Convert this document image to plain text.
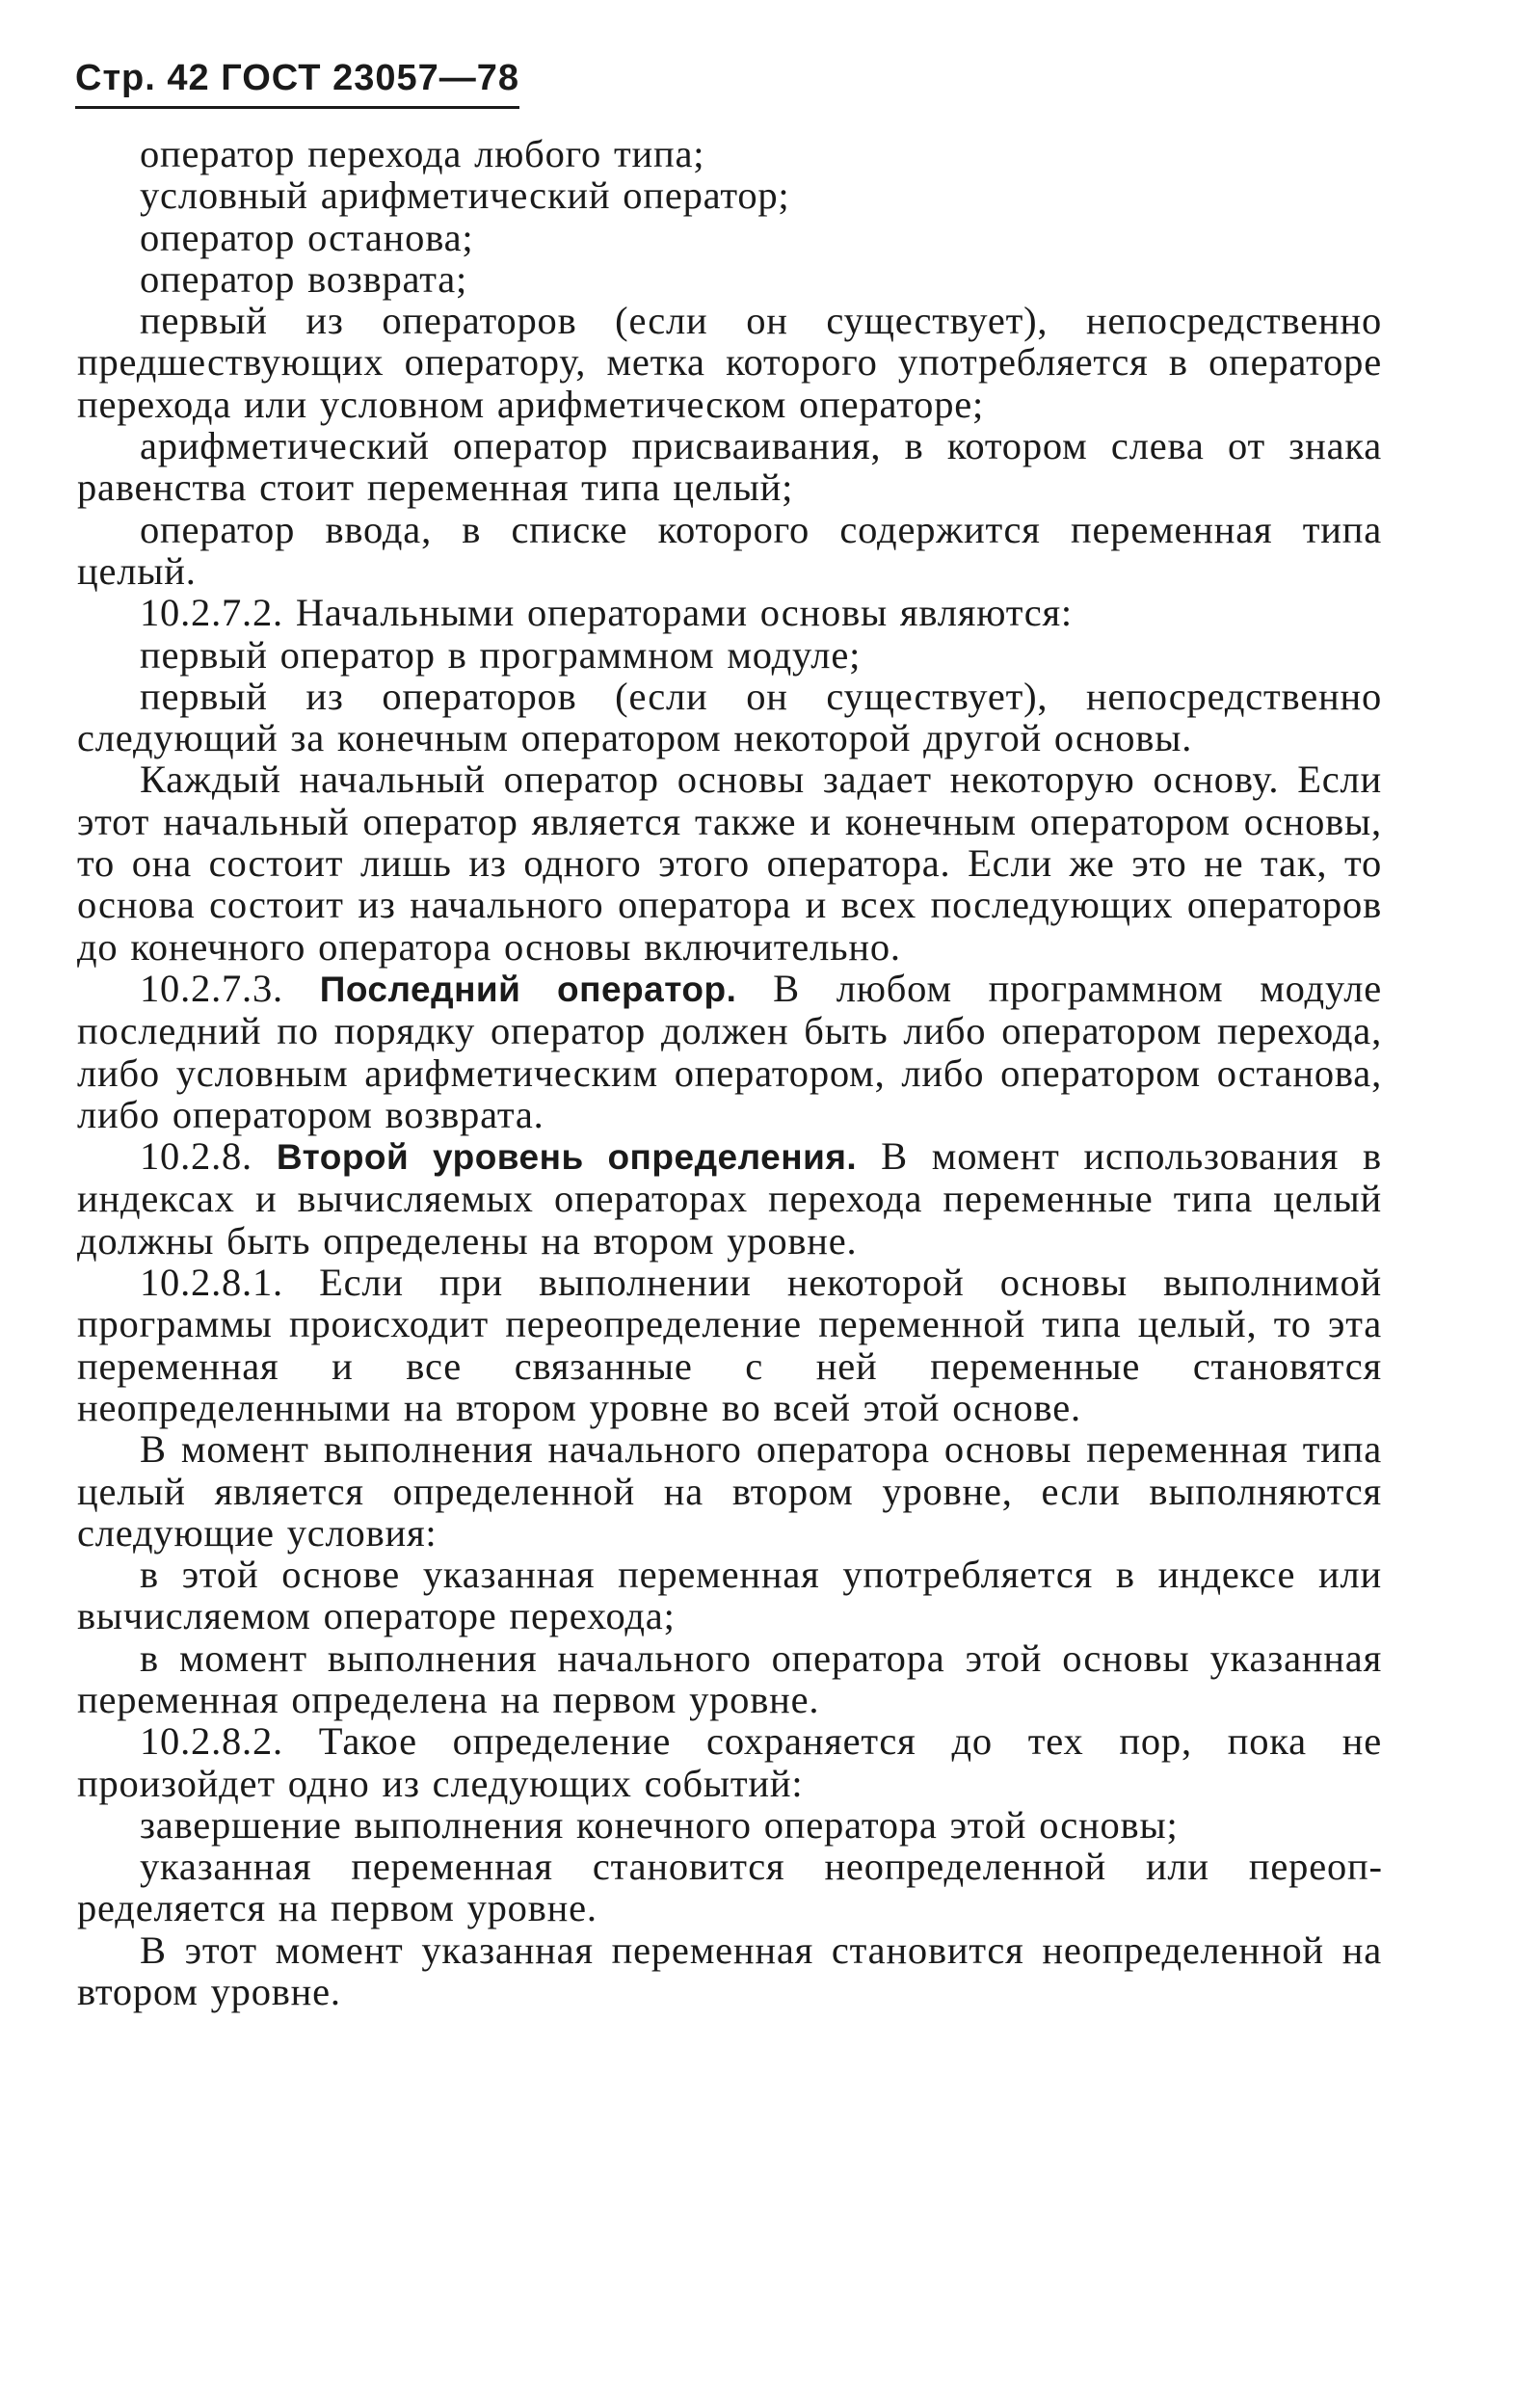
Стр. 42 ГОСТ 23057—78

оператор перехода любого типа;

условный арифметический оператор;

оператор останова;

оператор возврата;

первый из операторов (если он существует), непосредственно предшествующих оператору, метка которого употребляется в операторе перехода или условном арифметическом операторе;

арифметический оператор присваивания, в котором слева от знака равенства стоит переменная типа целый;

оператор ввода, в списке которого содержится переменная типа целый.

10.2.7.2. Начальными операторами основы являются:

первый оператор в программном модуле;

первый из операторов (если он существует), непосредственно следующий за конечным оператором некоторой другой основы.

Каждый начальный оператор основы задает некоторую основу. Если этот начальный оператор является также и конечным оператором основы, то она состоит лишь из одного этого оператора. Если же это не так, то основа состоит из начального оператора и всех последующих операторов до конечного оператора основы включительно.

10.2.7.3. Последний оператор. В любом программном модуле последний по порядку оператор должен быть либо оператором перехода, либо условным арифметическим оператором, либо оператором останова, либо оператором возврата.

10.2.8. Второй уровень определения. В момент использования в индексах и вычисляемых операторах перехода переменные типа целый должны быть определены на втором уровне.

10.2.8.1. Если при выполнении некоторой основы выполнимой программы происходит переопределение переменной типа целый, то эта переменная и все связанные с ней переменные становятся неопределенными на втором уровне во всей этой основе.

В момент выполнения начального оператора основы переменная типа целый является определенной на втором уровне, если выполняются следующие условия:

в этой основе указанная переменная употребляется в индексе или вычисляемом операторе перехода;

в момент выполнения начального оператора этой основы указанная переменная определена на первом уровне.

10.2.8.2. Такое определение сохраняется до тех пор, пока не произойдет одно из следующих событий:

завершение выполнения конечного оператора этой основы;

указанная переменная становится неопределенной или переопределяется на первом уровне.

В этот момент указанная переменная становится неопределенной на втором уровне.
